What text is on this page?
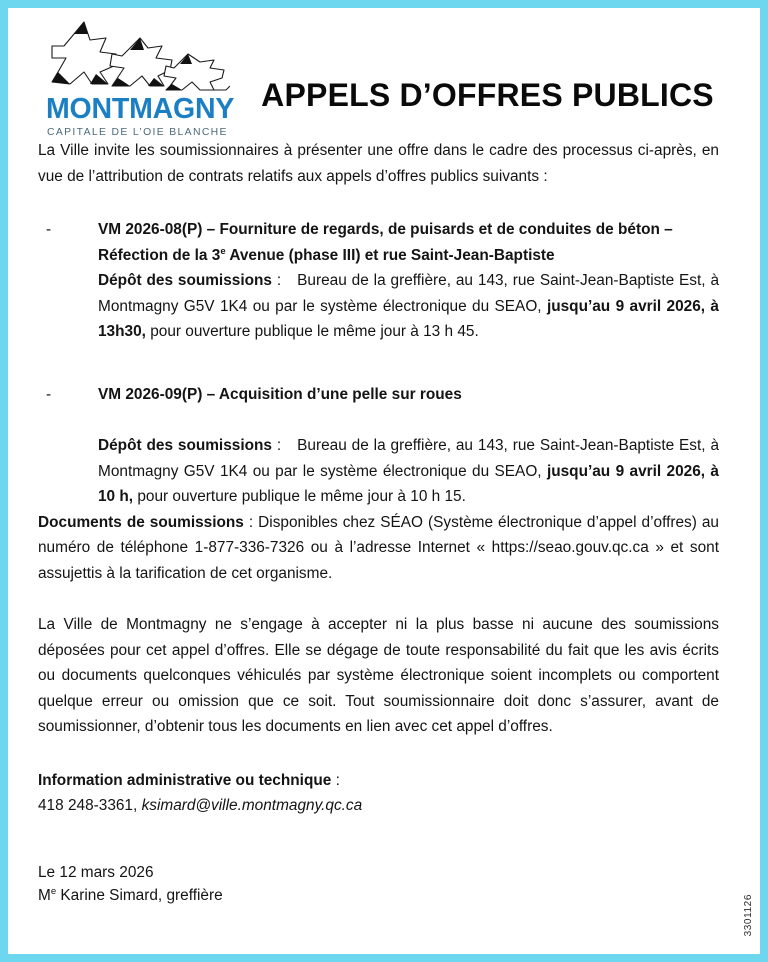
MONTMAGNY
CAPITALE DE L’OIE BLANCHE
APPELS D’OFFRES PUBLICS

La Ville invite les soumissionnaires à présenter une offre dans le cadre des processus ci-après, en vue de l’attribution de contrats relatifs aux appels d’offres publics suivants :

-	VM 2026-08(P) – Fourniture de regards, de puisards et de conduites de béton – Réfection de la 3e Avenue (phase III) et rue Saint-Jean-Baptiste

Dépôt des soumissions : Bureau de la greffière, au 143, rue Saint-Jean-Baptiste Est, à Montmagny G5V 1K4 ou par le système électronique du SEAO, jusqu’au 9 avril 2026, à 13h30, pour ouverture publique le même jour à 13 h 45.

-	VM 2026-09(P) – Acquisition d’une pelle sur roues

Dépôt des soumissions : Bureau de la greffière, au 143, rue Saint-Jean-Baptiste Est, à Montmagny G5V 1K4 ou par le système électronique du SEAO, jusqu’au 9 avril 2026, à 10 h, pour ouverture publique le même jour à 10 h 15.

Documents de soumissions : Disponibles chez SÉAO (Système électronique d’appel d’offres) au numéro de téléphone 1-877-336-7326 ou à l’adresse Internet « https://seao.gouv.qc.ca » et sont assujettis à la tarification de cet organisme.

La Ville de Montmagny ne s’engage à accepter ni la plus basse ni aucune des soumissions déposées pour cet appel d’offres. Elle se dégage de toute responsabilité du fait que les avis écrits ou documents quelconques véhiculés par système électronique soient incomplets ou comportent quelque erreur ou omission que ce soit. Tout soumissionnaire doit donc s’assurer, avant de soumissionner, d’obtenir tous les documents en lien avec cet appel d’offres.

Information administrative ou technique :

418 248-3361, ksimard@ville.montmagny.qc.ca

Le 12 mars 2026

Me Karine Simard, greffière	3301126
